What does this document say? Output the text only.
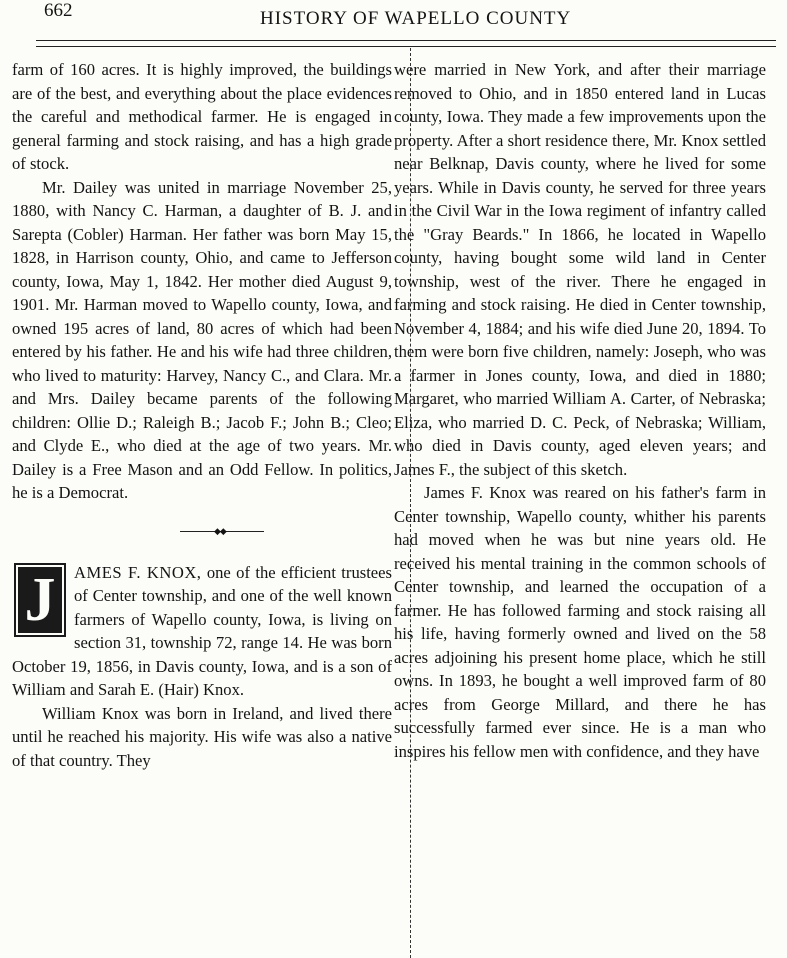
662	HISTORY OF WAPELLO COUNTY

farm of 160 acres. It is highly improved, the buildings are of the best, and everything about the place evidences the careful and methodical farmer. He is engaged in general farming and stock raising, and has a high grade of stock.

Mr. Dailey was united in marriage November 25, 1880, with Nancy C. Harman, a daughter of B. J. and Sarepta (Cobler) Harman. Her father was born May 15, 1828, in Harrison county, Ohio, and came to Jefferson county, Iowa, May 1, 1842. Her mother died August 9, 1901. Mr. Harman moved to Wapello county, Iowa, and owned 195 acres of land, 80 acres of which had been entered by his father. He and his wife had three children, who lived to maturity: Harvey, Nancy C., and Clara. Mr. and Mrs. Dailey became parents of the following children: Ollie D.; Raleigh B.; Jacob F.; John B.; Cleo; and Clyde E., who died at the age of two years. Mr. Dailey is a Free Mason and an Odd Fellow. In politics, he is a Democrat.

◆◆

J	AMES F. KNOX, one of the efficient trustees of Center township, and one of the well known farmers of Wapello county, Iowa, is living on section 31, township 72, range 14. He was born October 19, 1856, in Davis county, Iowa, and is a son of William and Sarah E. (Hair) Knox.

William Knox was born in Ireland, and lived there until he reached his majority. His wife was also a native of that country. They

were married in New York, and after their marriage removed to Ohio, and in 1850 entered land in Lucas county, Iowa. They made a few improvements upon the property. After a short residence there, Mr. Knox settled near Belknap, Davis county, where he lived for some years. While in Davis county, he served for three years in the Civil War in the Iowa regiment of infantry called the "Gray Beards." In 1866, he located in Wapello county, having bought some wild land in Center township, west of the river. There he engaged in farming and stock raising. He died in Center township, November 4, 1884; and his wife died June 20, 1894. To them were born five children, namely: Joseph, who was a farmer in Jones county, Iowa, and died in 1880; Margaret, who married William A. Carter, of Nebraska; Eliza, who married D. C. Peck, of Nebraska; William, who died in Davis county, aged eleven years; and James F., the subject of this sketch.

James F. Knox was reared on his father's farm in Center township, Wapello county, whither his parents had moved when he was but nine years old. He received his mental training in the common schools of Center township, and learned the occupation of a farmer. He has followed farming and stock raising all his life, having formerly owned and lived on the 58 acres adjoining his present home place, which he still owns. In 1893, he bought a well improved farm of 80 acres from George Millard, and there he has successfully farmed ever since. He is a man who inspires his fellow men with confidence, and they have
